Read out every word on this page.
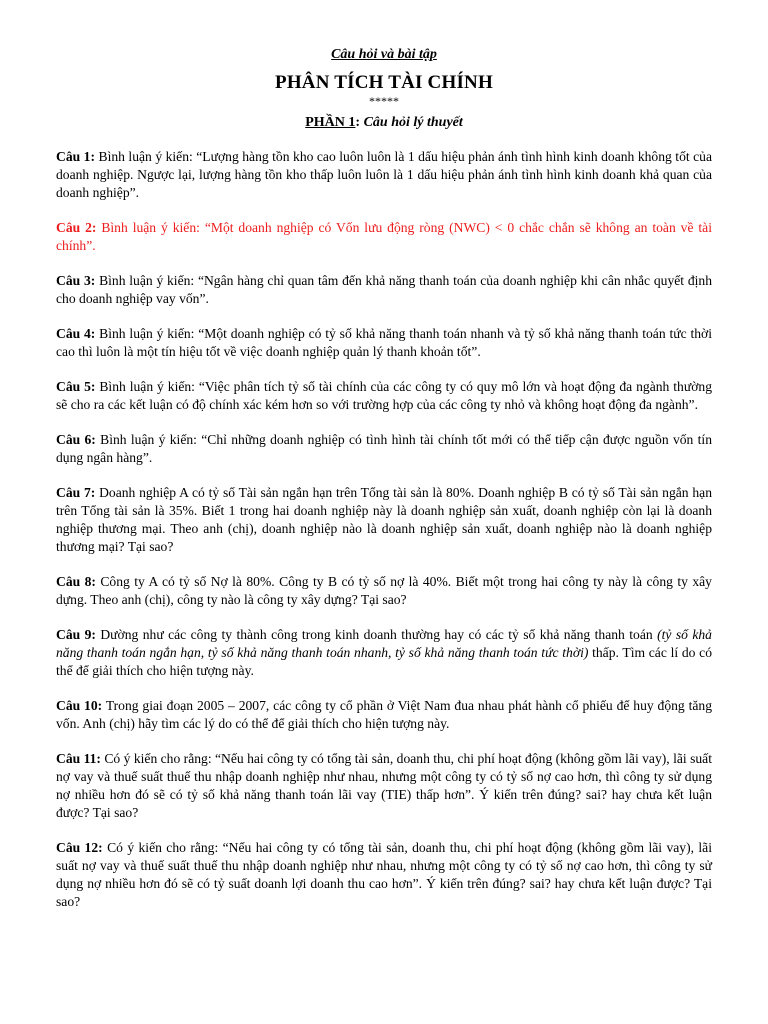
Câu hỏi và bài tập

PHÂN TÍCH TÀI CHÍNH

*****

PHẦN 1: Câu hỏi lý thuyết

Câu 1: Bình luận ý kiến: “Lượng hàng tồn kho cao luôn luôn là 1 dấu hiệu phản ánh tình hình kinh doanh không tốt của doanh nghiệp. Ngược lại, lượng hàng tồn kho thấp luôn luôn là 1 dấu hiệu phản ánh tình hình kinh doanh khả quan của doanh nghiệp”.

Câu 2: Bình luận ý kiến: “Một doanh nghiệp có Vốn lưu động ròng (NWC) < 0 chắc chắn sẽ không an toàn về tài chính”.

Câu 3: Bình luận ý kiến: “Ngân hàng chỉ quan tâm đến khả năng thanh toán của doanh nghiệp khi cân nhắc quyết định cho doanh nghiệp vay vốn”.

Câu 4: Bình luận ý kiến: “Một doanh nghiệp có tỷ số khả năng thanh toán nhanh và tỷ số khả năng thanh toán tức thời cao thì luôn là một tín hiệu tốt về việc doanh nghiệp quản lý thanh khoản tốt”.

Câu 5: Bình luận ý kiến: “Việc phân tích tỷ số tài chính của các công ty có quy mô lớn và hoạt động đa ngành thường sẽ cho ra các kết luận có độ chính xác kém hơn so với trường hợp của các công ty nhỏ và không hoạt động đa ngành”.

Câu 6: Bình luận ý kiến: “Chỉ những doanh nghiệp có tình hình tài chính tốt mới có thể tiếp cận được nguồn vốn tín dụng ngân hàng”.

Câu 7: Doanh nghiệp A có tỷ số Tài sản ngắn hạn trên Tổng tài sản là 80%. Doanh nghiệp B có tỷ số Tài sản ngắn hạn trên Tổng tài sản là 35%. Biết 1 trong hai doanh nghiệp này là doanh nghiệp sản xuất, doanh nghiệp còn lại là doanh nghiệp thương mại. Theo anh (chị), doanh nghiệp nào là doanh nghiệp sản xuất, doanh nghiệp nào là doanh nghiệp thương mại? Tại sao?

Câu 8: Công ty A có tỷ số Nợ là 80%. Công ty B có tỷ số nợ là 40%. Biết một trong hai công ty này là công ty xây dựng. Theo anh (chị), công ty nào là công ty xây dựng? Tại sao?

Câu 9: Dường như các công ty thành công trong kinh doanh thường hay có các tỷ số khả năng thanh toán (tỷ số khả năng thanh toán ngắn hạn, tỷ số khả năng thanh toán nhanh, tỷ số khả năng thanh toán tức thời) thấp. Tìm các lí do có thể để giải thích cho hiện tượng này.

Câu 10: Trong giai đoạn 2005 – 2007, các công ty cổ phần ở Việt Nam đua nhau phát hành cổ phiếu để huy động tăng vốn. Anh (chị) hãy tìm các lý do có thể để giải thích cho hiện tượng này.

Câu 11: Có ý kiến cho rằng: “Nếu hai công ty có tổng tài sản, doanh thu, chi phí hoạt động (không gồm lãi vay), lãi suất nợ vay và thuế suất thuế thu nhập doanh nghiệp như nhau, nhưng một công ty có tỷ số nợ cao hơn, thì công ty sử dụng nợ nhiều hơn đó sẽ có tỷ số khả năng thanh toán lãi vay (TIE) thấp hơn”. Ý kiến trên đúng? sai? hay chưa kết luận được? Tại sao?

Câu 12: Có ý kiến cho rằng: “Nếu hai công ty có tổng tài sản, doanh thu, chi phí hoạt động (không gồm lãi vay), lãi suất nợ vay và thuế suất thuế thu nhập doanh nghiệp như nhau, nhưng một công ty có tỷ số nợ cao hơn, thì công ty sử dụng nợ nhiều hơn đó sẽ có tỷ suất doanh lợi doanh thu cao hơn”. Ý kiến trên đúng? sai? hay chưa kết luận được? Tại sao?
